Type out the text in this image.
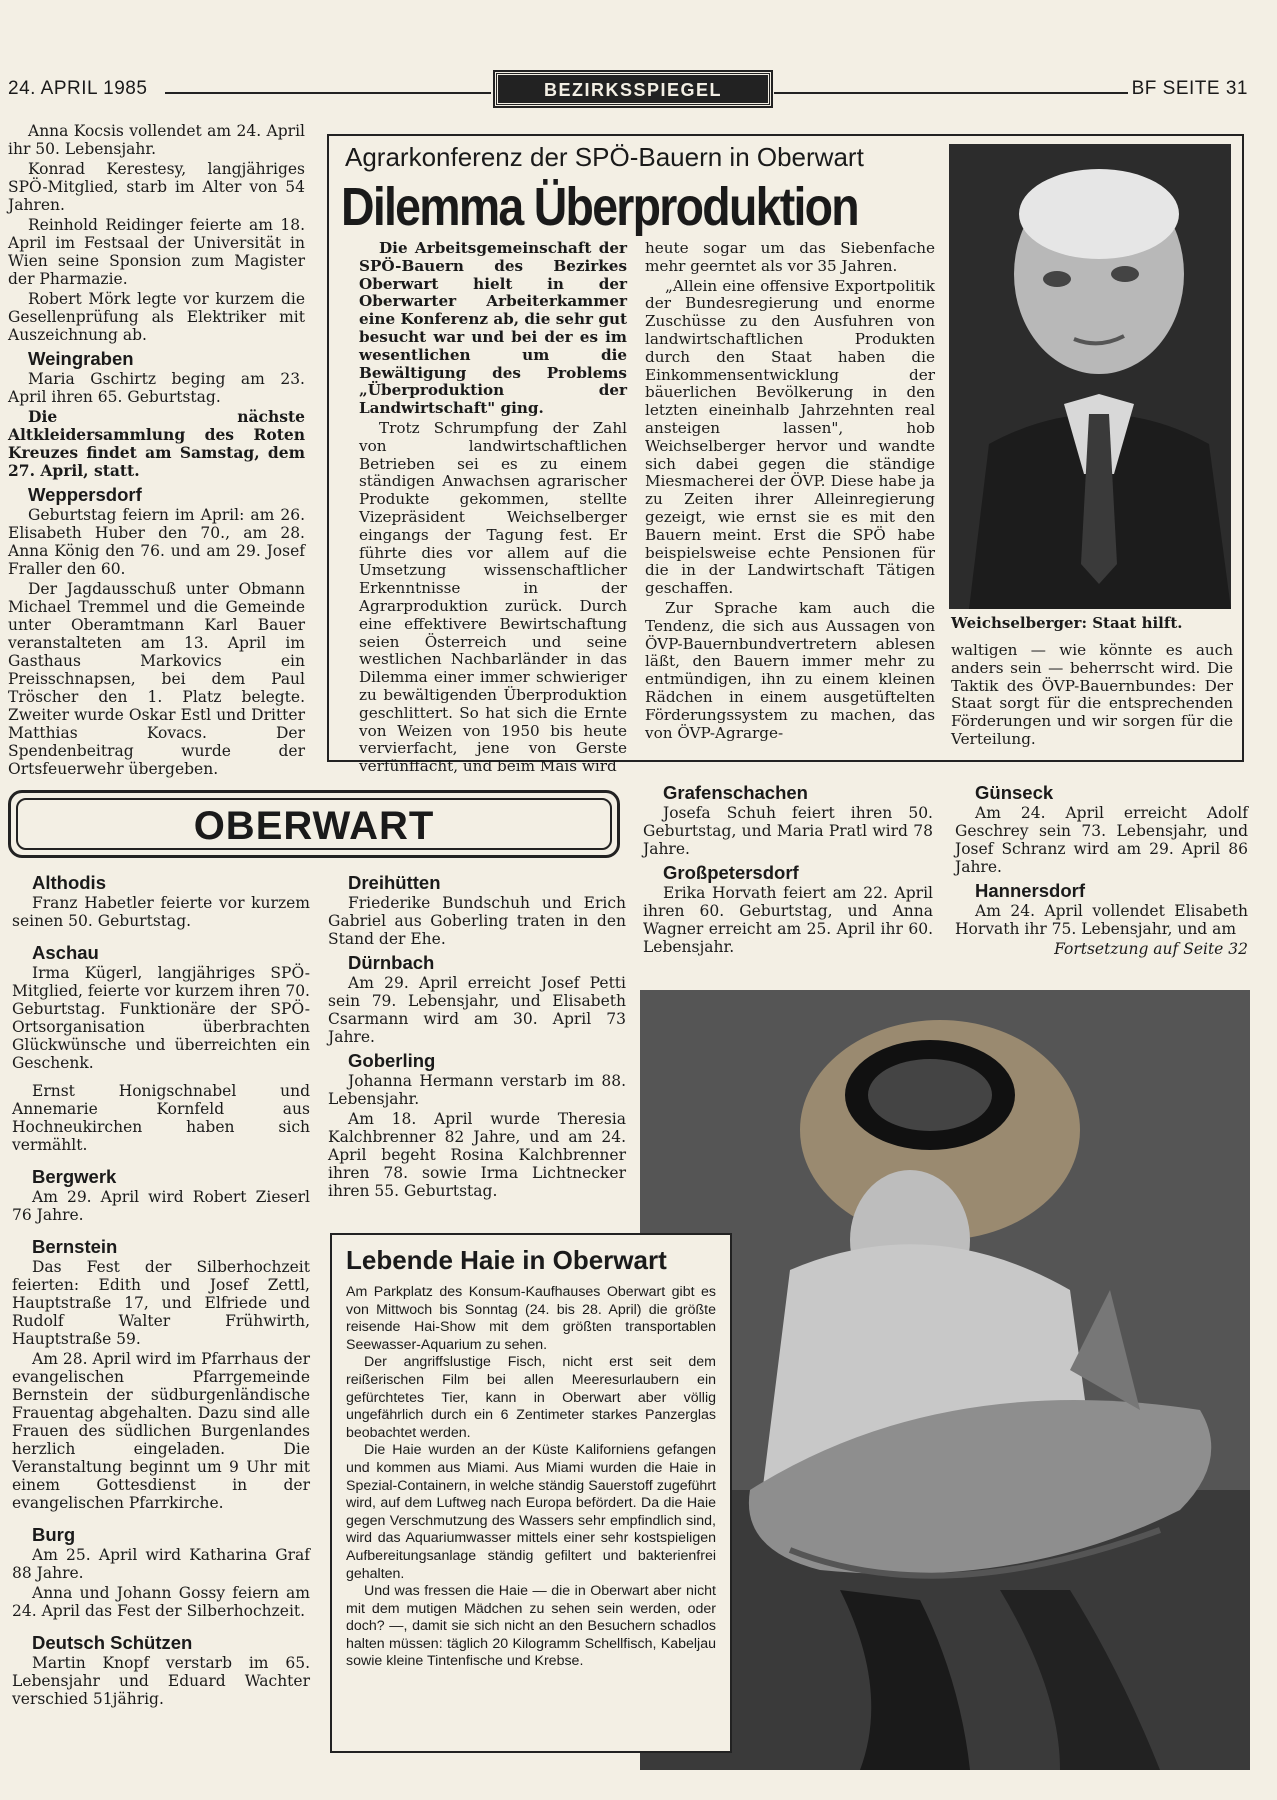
24. APRIL 1985	BEZIRKSSPIEGEL	BF SEITE 31

Anna Kocsis vollendet am 24. April ihr 50. Lebensjahr.

Konrad Kerestesy, langjähriges SPÖ-Mitglied, starb im Alter von 54 Jahren.

Reinhold Reidinger feierte am 18. April im Festsaal der Universität in Wien seine Sponsion zum Magister der Pharmazie.

Robert Mörk legte vor kurzem die Gesellenprüfung als Elektriker mit Auszeichnung ab.

Weingraben

Maria Gschirtz beging am 23. April ihren 65. Geburtstag.

Die nächste Altkleidersammlung des Roten Kreuzes findet am Samstag, dem 27. April, statt.

Weppersdorf

Geburtstag feiern im April: am 26. Elisabeth Huber den 70., am 28. Anna König den 76. und am 29. Josef Fraller den 60.

Der Jagdausschuß unter Obmann Michael Tremmel und die Gemeinde unter Oberamtmann Karl Bauer veranstalteten am 13. April im Gasthaus Markovics ein Preisschnapsen, bei dem Paul Tröscher den 1. Platz belegte. Zweiter wurde Oskar Estl und Dritter Matthias Kovacs. Der Spendenbeitrag wurde der Ortsfeuerwehr übergeben.

Agrarkonferenz der SPÖ-Bauern in Oberwart
Dilemma Überproduktion

Die Arbeitsgemeinschaft der SPÖ-Bauern des Bezirkes Oberwart hielt in der Oberwarter Arbeiterkammer eine Konferenz ab, die sehr gut besucht war und bei der es im wesentlichen um die Bewältigung des Problems „Überproduktion der Landwirtschaft" ging.

Trotz Schrumpfung der Zahl von landwirtschaftlichen Betrieben sei es zu einem ständigen Anwachsen agrarischer Produkte gekommen, stellte Vizepräsident Weichselberger eingangs der Tagung fest. Er führte dies vor allem auf die Umsetzung wissenschaftlicher Erkenntnisse in der Agrarproduktion zurück. Durch eine effektivere Bewirtschaftung seien Österreich und seine westlichen Nachbarländer in das Dilemma einer immer schwieriger zu bewältigenden Überproduktion geschlittert. So hat sich die Ernte von Weizen von 1950 bis heute vervierfacht, jene von Gerste verfünffacht, und beim Mais wird

heute sogar um das Siebenfache mehr geerntet als vor 35 Jahren.

„Allein eine offensive Exportpolitik der Bundesregierung und enorme Zuschüsse zu den Ausfuhren von landwirtschaftlichen Produkten durch den Staat haben die Einkommensentwicklung der bäuerlichen Bevölkerung in den letzten eineinhalb Jahrzehnten real ansteigen lassen", hob Weichselberger hervor und wandte sich dabei gegen die ständige Miesmacherei der ÖVP. Diese habe ja zu Zeiten ihrer Alleinregierung gezeigt, wie ernst sie es mit den Bauern meint. Erst die SPÖ habe beispielsweise echte Pensionen für die in der Landwirtschaft Tätigen geschaffen.

Zur Sprache kam auch die Tendenz, die sich aus Aussagen von ÖVP-Bauernbundvertretern ablesen läßt, den Bauern immer mehr zu entmündigen, ihn zu einem kleinen Rädchen in einem ausgetüftelten Förderungssystem zu machen, das von ÖVP-Agrarge-

Weichselberger: Staat hilft.

waltigen — wie könnte es auch anders sein — beherrscht wird. Die Taktik des ÖVP-Bauernbundes: Der Staat sorgt für die entsprechenden Förderungen und wir sorgen für die Verteilung.

OBERWART

Althodis

Franz Habetler feierte vor kurzem seinen 50. Geburtstag.

Aschau

Irma Kügerl, langjähriges SPÖ-Mitglied, feierte vor kurzem ihren 70. Geburtstag. Funktionäre der SPÖ-Ortsorganisation überbrachten Glückwünsche und überreichten ein Geschenk.

Ernst Honigschnabel und Annemarie Kornfeld aus Hochneukirchen haben sich vermählt.

Bergwerk

Am 29. April wird Robert Zieserl 76 Jahre.

Bernstein

Das Fest der Silberhochzeit feierten: Edith und Josef Zettl, Hauptstraße 17, und Elfriede und Rudolf Walter Frühwirth, Hauptstraße 59.

Am 28. April wird im Pfarrhaus der evangelischen Pfarrgemeinde Bernstein der südburgenländische Frauentag abgehalten. Dazu sind alle Frauen des südlichen Burgenlandes herzlich eingeladen. Die Veranstaltung beginnt um 9 Uhr mit einem Gottesdienst in der evangelischen Pfarrkirche.

Burg

Am 25. April wird Katharina Graf 88 Jahre.

Anna und Johann Gossy feiern am 24. April das Fest der Silberhochzeit.

Deutsch Schützen

Martin Knopf verstarb im 65. Lebensjahr und Eduard Wachter verschied 51jährig.

Dreihütten

Friederike Bundschuh und Erich Gabriel aus Goberling traten in den Stand der Ehe.

Dürnbach

Am 29. April erreicht Josef Petti sein 79. Lebensjahr, und Elisabeth Csarmann wird am 30. April 73 Jahre.

Goberling

Johanna Hermann verstarb im 88. Lebensjahr.

Am 18. April wurde Theresia Kalchbrenner 82 Jahre, und am 24. April begeht Rosina Kalchbrenner ihren 78. sowie Irma Lichtnecker ihren 55. Geburtstag.

Grafenschachen

Josefa Schuh feiert ihren 50. Geburtstag, und Maria Pratl wird 78 Jahre.

Großpetersdorf

Erika Horvath feiert am 22. April ihren 60. Geburtstag, und Anna Wagner erreicht am 25. April ihr 60. Lebensjahr.

Günseck

Am 24. April erreicht Adolf Geschrey sein 73. Lebensjahr, und Josef Schranz wird am 29. April 86 Jahre.

Hannersdorf

Am 24. April vollendet Elisabeth Horvath ihr 75. Lebensjahr, und am

Fortsetzung auf Seite 32

Lebende Haie in Oberwart

Am Parkplatz des Konsum-Kaufhauses Oberwart gibt es von Mittwoch bis Sonntag (24. bis 28. April) die größte reisende Hai-Show mit dem größten transportablen Seewasser-Aquarium zu sehen.

Der angriffslustige Fisch, nicht erst seit dem reißerischen Film bei allen Meeresurlaubern ein gefürchtetes Tier, kann in Oberwart aber völlig ungefährlich durch ein 6 Zentimeter starkes Panzerglas beobachtet werden.

Die Haie wurden an der Küste Kaliforniens gefangen und kommen aus Miami. Aus Miami wurden die Haie in Spezial-Containern, in welche ständig Sauerstoff zugeführt wird, auf dem Luftweg nach Europa befördert. Da die Haie gegen Verschmutzung des Wassers sehr empfindlich sind, wird das Aquariumwasser mittels einer sehr kostspieligen Aufbereitungsanlage ständig gefiltert und bakterienfrei gehalten.

Und was fressen die Haie — die in Oberwart aber nicht mit dem mutigen Mädchen zu sehen sein werden, oder doch? —, damit sie sich nicht an den Besuchern schadlos halten müssen: täglich 20 Kilogramm Schellfisch, Kabeljau sowie kleine Tintenfische und Krebse.
